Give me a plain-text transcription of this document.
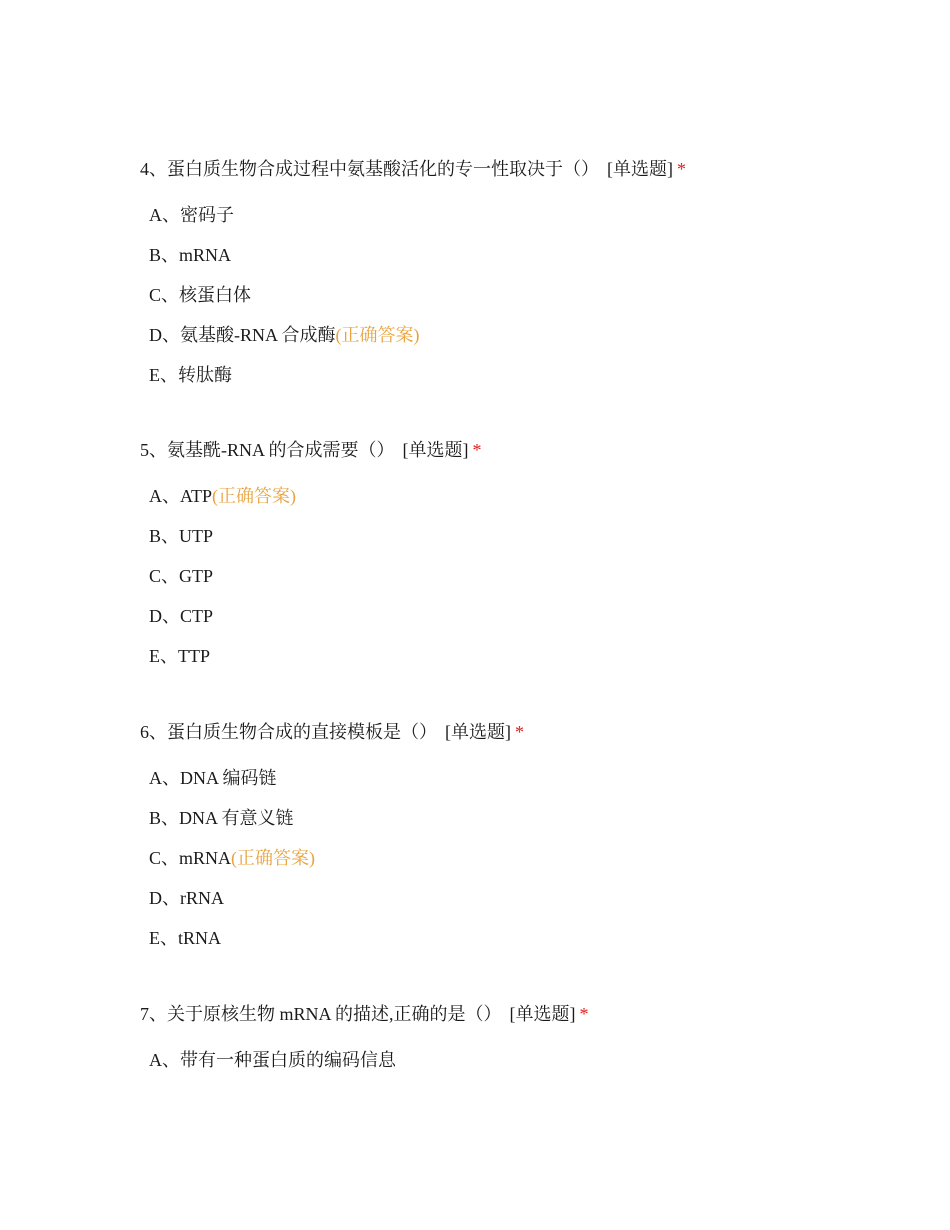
4、蛋白质生物合成过程中氨基酸活化的专一性取决于（） [单选题] *
A、密码子
B、mRNA
C、核蛋白体
D、氨基酸-RNA 合成酶(正确答案)
E、转肽酶
5、氨基酰-RNA 的合成需要（） [单选题] *
A、ATP(正确答案)
B、UTP
C、GTP
D、CTP
E、TTP
6、蛋白质生物合成的直接模板是（） [单选题] *
A、DNA 编码链
B、DNA 有意义链
C、mRNA(正确答案)
D、rRNA
E、tRNA
7、关于原核生物 mRNA 的描述,正确的是（） [单选题] *
A、带有一种蛋白质的编码信息
